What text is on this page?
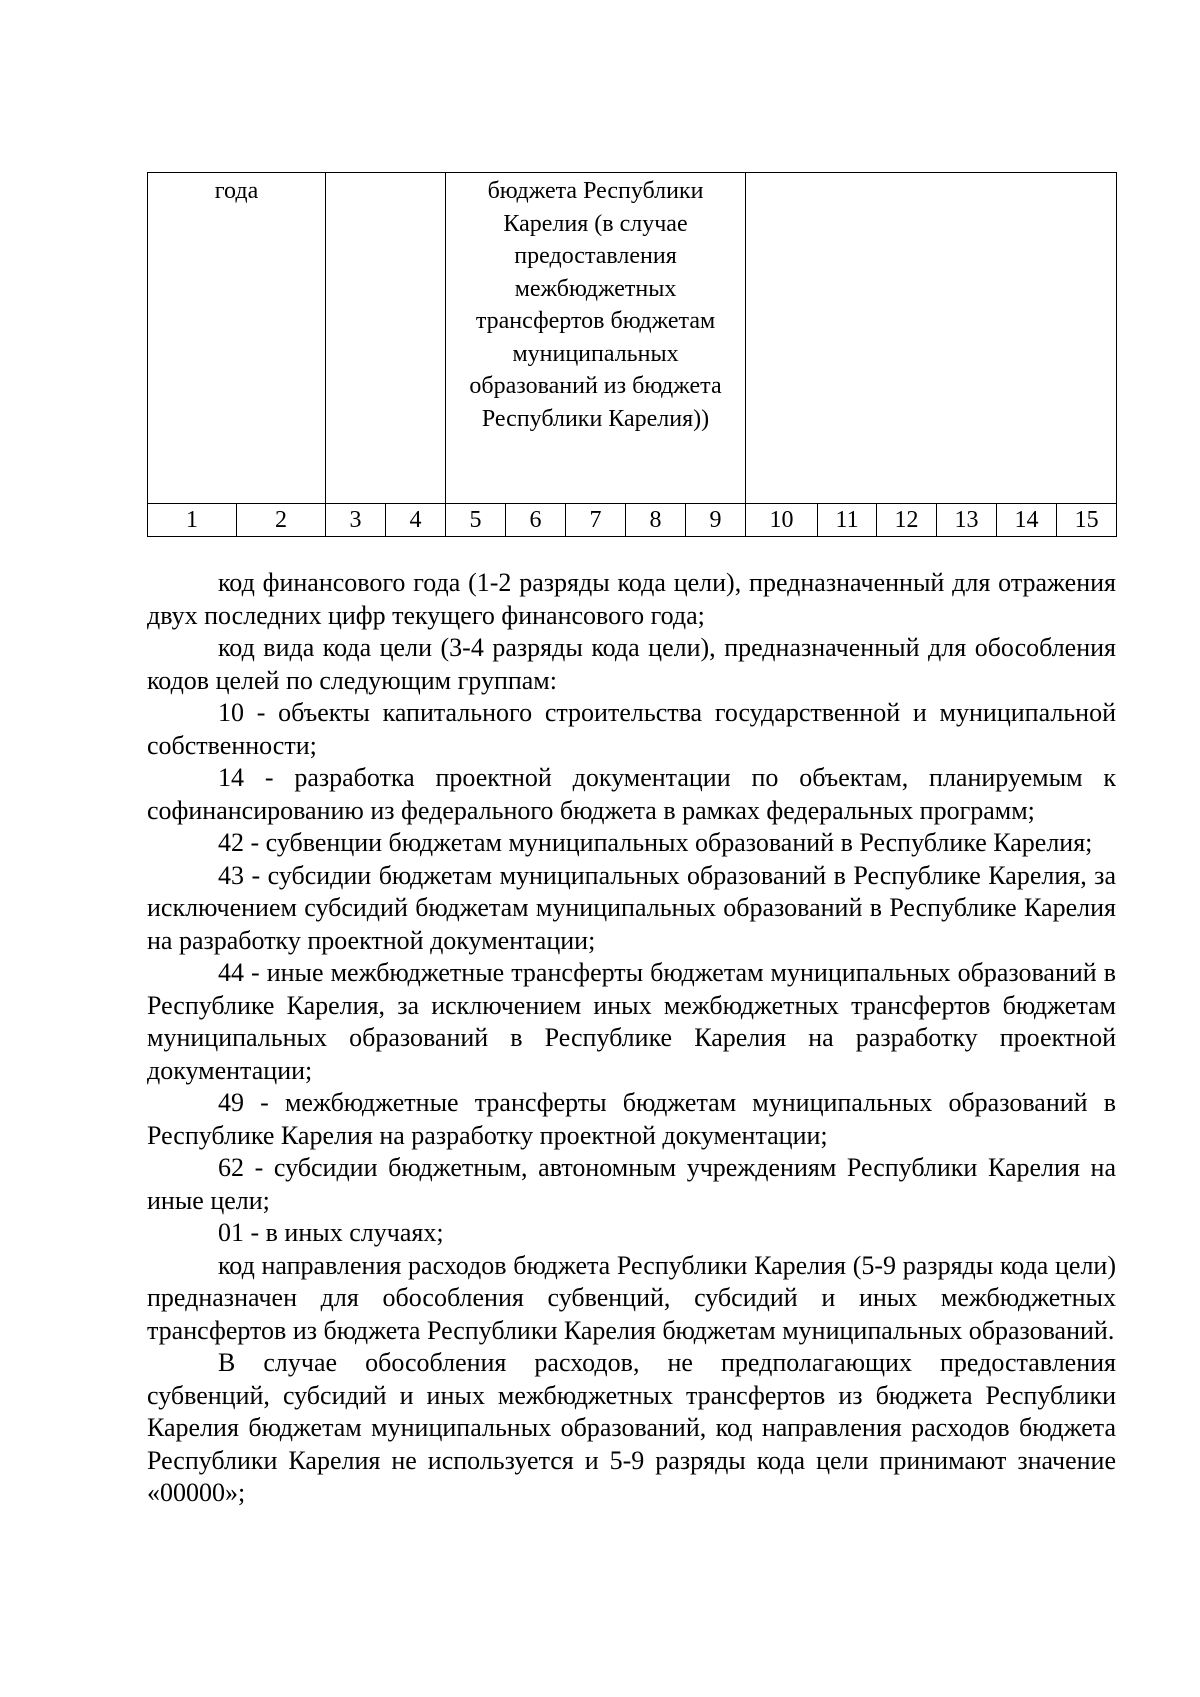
года				бюджета Республики Карелия (в случае предоставления межбюджетных трансфертов бюджетам муниципальных образований из бюджета Республики Карелия))										

1	2	3	4	5	6	7	8	9	10	11	12	13	14	15

код финансового года (1-2 разряды кода цели), предназначенный для отражения двух последних цифр текущего финансового года;

код вида кода цели (3-4 разряды кода цели), предназначенный для обособления кодов целей по следующим группам:

10 - объекты капитального строительства государственной и муниципальной собственности;

14 - разработка проектной документации по объектам, планируемым к софинансированию из федерального бюджета в рамках федеральных программ;

42 - субвенции бюджетам муниципальных образований в Республике Карелия;

43 - субсидии бюджетам муниципальных образований в Республике Карелия, за исключением субсидий бюджетам муниципальных образований в Республике Карелия на разработку проектной документации;

44 - иные межбюджетные трансферты бюджетам муниципальных образований в Республике Карелия, за исключением иных межбюджетных трансфертов бюджетам муниципальных образований в Республике Карелия на разработку проектной документации;

49 - межбюджетные трансферты бюджетам муниципальных образований в Республике Карелия на разработку проектной документации;

62 - субсидии бюджетным, автономным учреждениям Республики Карелия на иные цели;

01 - в иных случаях;

код направления расходов бюджета Республики Карелия (5-9 разряды кода цели) предназначен для обособления субвенций, субсидий и иных межбюджетных трансфертов из бюджета Республики Карелия бюджетам муниципальных образований.

В случае обособления расходов, не предполагающих предоставления субвенций, субсидий и иных межбюджетных трансфертов из бюджета Республики Карелия бюджетам муниципальных образований, код направления расходов бюджета Республики Карелия не используется и 5-9 разряды кода цели принимают значение «00000»;
